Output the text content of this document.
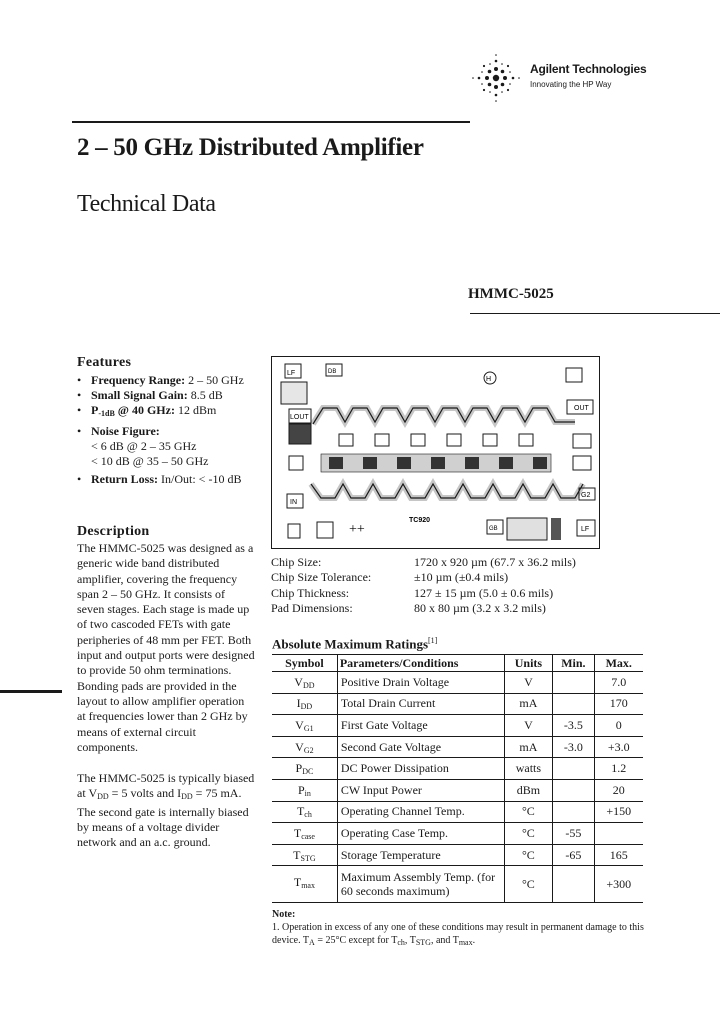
Agilent Technologies
Innovating the HP Way
2 – 50 GHz Distributed Amplifier
Technical Data
HMMC-5025
Features
• Frequency Range: 2 – 50 GHz
• Small Signal Gain: 8.5 dB
• P-1dB @ 40 GHz: 12 dBm
• Noise Figure:
< 6 dB @ 2 – 35 GHz
< 10 dB @ 35 – 50 GHz
• Return Loss: In/Out: < -10 dB
Description

The HMMC-5025 was designed as a generic wide band distributed amplifier, covering the frequency span 2 – 50 GHz. It consists of seven stages. Each stage is made up of two cascoded FETs with gate peripheries of 48 mm per FET. Both input and output ports were designed to provide 50 ohm terminations. Bonding pads are provided in the layout to allow amplifier operation at frequencies lower than 2 GHz by means of external circuit components.

The HMMC-5025 is typically biased at VDD = 5 volts and IDD = 75 mA. The second gate is internally biased by means of a voltage divider network and an a.c. ground.

LF	DB
H
LOUT
OUT
G2
IN
++
TC920
GB	LF
Chip Size:	1720 x 920 µm (67.7 x 36.2 mils)
Chip Size Tolerance:	±10 µm (±0.4 mils)
Chip Thickness:	127 ± 15 µm (5.0 ± 0.6 mils)
Pad Dimensions:	80 x 80 µm (3.2 x 3.2 mils)
Absolute Maximum Ratings[1]
Symbol	Parameters/Conditions	Units	Min.	Max.
VDD	Positive Drain Voltage	V		7.0
IDD	Total Drain Current	mA		170
VG1	First Gate Voltage	V	-3.5	0
VG2	Second Gate Voltage	mA	-3.0	+3.0
PDC	DC Power Dissipation	watts		1.2
Pin	CW Input Power	dBm		20
Tch	Operating Channel Temp.	°C		+150
Tcase	Operating Case Temp.	°C	-55	
TSTG	Storage Temperature	°C	-65	165
Tmax	Maximum Assembly Temp. (for 60 seconds maximum)	°C		+300
Note:
1. Operation in excess of any one of these conditions may result in permanent damage to this device. $T_A = 25^\circ C$ except for $T_{ch}$, $T_{STG}$, and $T_{max}$.
